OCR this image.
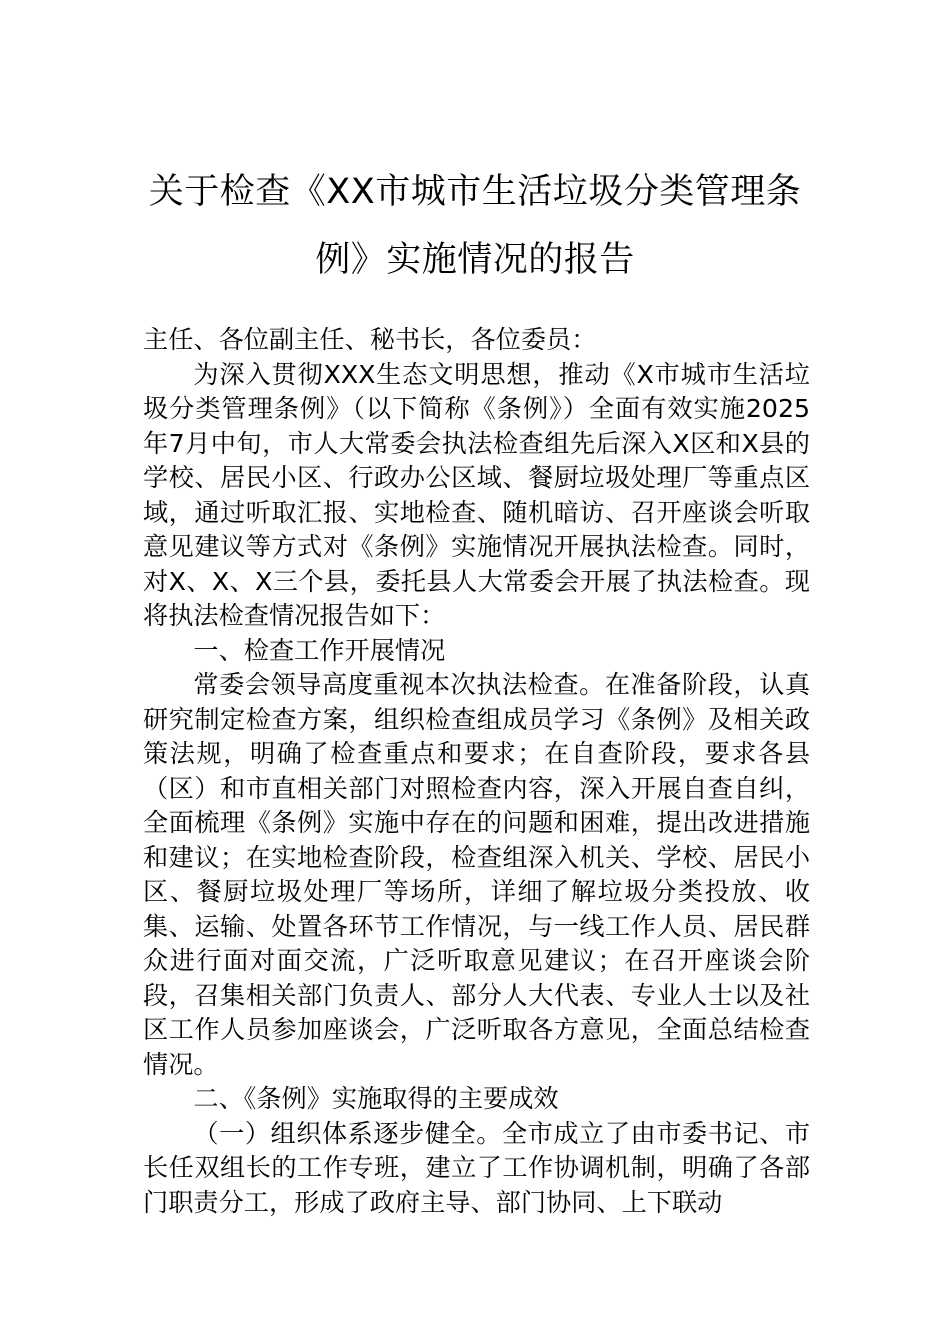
关于检查《XX市城市生活垃圾分类管理条例》实施情况的报告

主任、各位副主任、秘书长，各位委员：

为深入贯彻XXX生态文明思想，推动《X市城市生活垃圾分类管理条例》（以下简称《条例》）全面有效实施2025年7月中旬，市人大常委会执法检查组先后深入X区和X县的学校、居民小区、行政办公区域、餐厨垃圾处理厂等重点区域，通过听取汇报、实地检查、随机暗访、召开座谈会听取意见建议等方式对《条例》实施情况开展执法检查。同时，对X、X、X三个县，委托县人大常委会开展了执法检查。现将执法检查情况报告如下：

一、检查工作开展情况

常委会领导高度重视本次执法检查。在准备阶段，认真研究制定检查方案，组织检查组成员学习《条例》及相关政策法规，明确了检查重点和要求；在自查阶段，要求各县（区）和市直相关部门对照检查内容，深入开展自查自纠，全面梳理《条例》实施中存在的问题和困难，提出改进措施和建议；在实地检查阶段，检查组深入机关、学校、居民小区、餐厨垃圾处理厂等场所，详细了解垃圾分类投放、收集、运输、处置各环节工作情况，与一线工作人员、居民群众进行面对面交流，广泛听取意见建议；在召开座谈会阶段，召集相关部门负责人、部分人大代表、专业人士以及社区工作人员参加座谈会，广泛听取各方意见，全面总结检查情况。

二、《条例》实施取得的主要成效

（一）组织体系逐步健全。全市成立了由市委书记、市长任双组长的工作专班，建立了工作协调机制，明确了各部门职责分工，形成了政府主导、部门协同、上下联动
